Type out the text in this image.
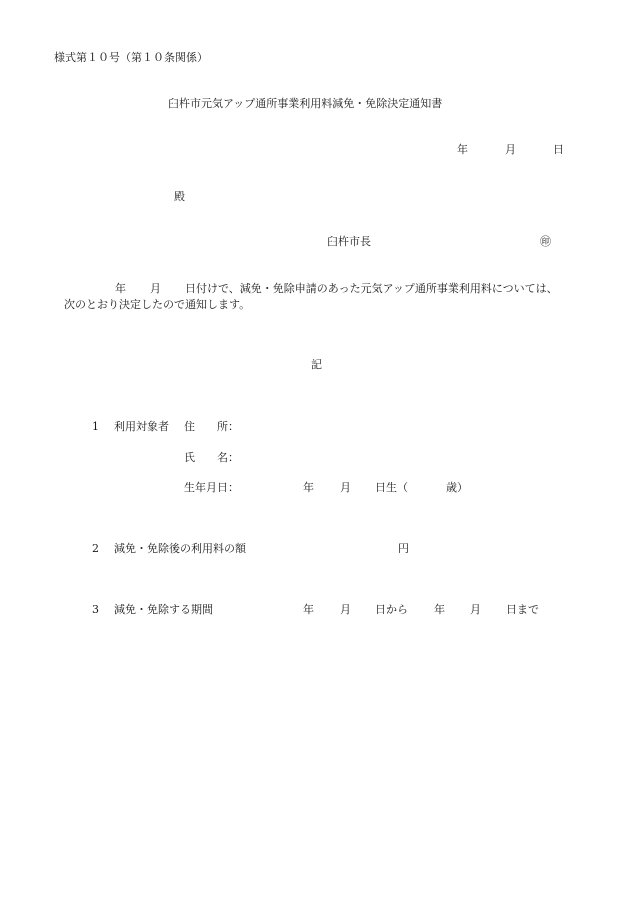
様式第１０号（第１０条関係）
臼杵市元気アップ通所事業利用料減免・免除決定通知書
年	月	日
殿
臼杵市長	㊞
年 月 日付けで、減免・免除申請のあった元気アップ通所事業利用料については、
次のとおり決定したので通知します。
記
1 利用対象者 住　　所：
氏　　名：
生年月日：	年 月 日生（	歳）
2 減免・免除後の利用料の額	円
3 減免・免除する期間	年 月 日から 年 月 日まで
